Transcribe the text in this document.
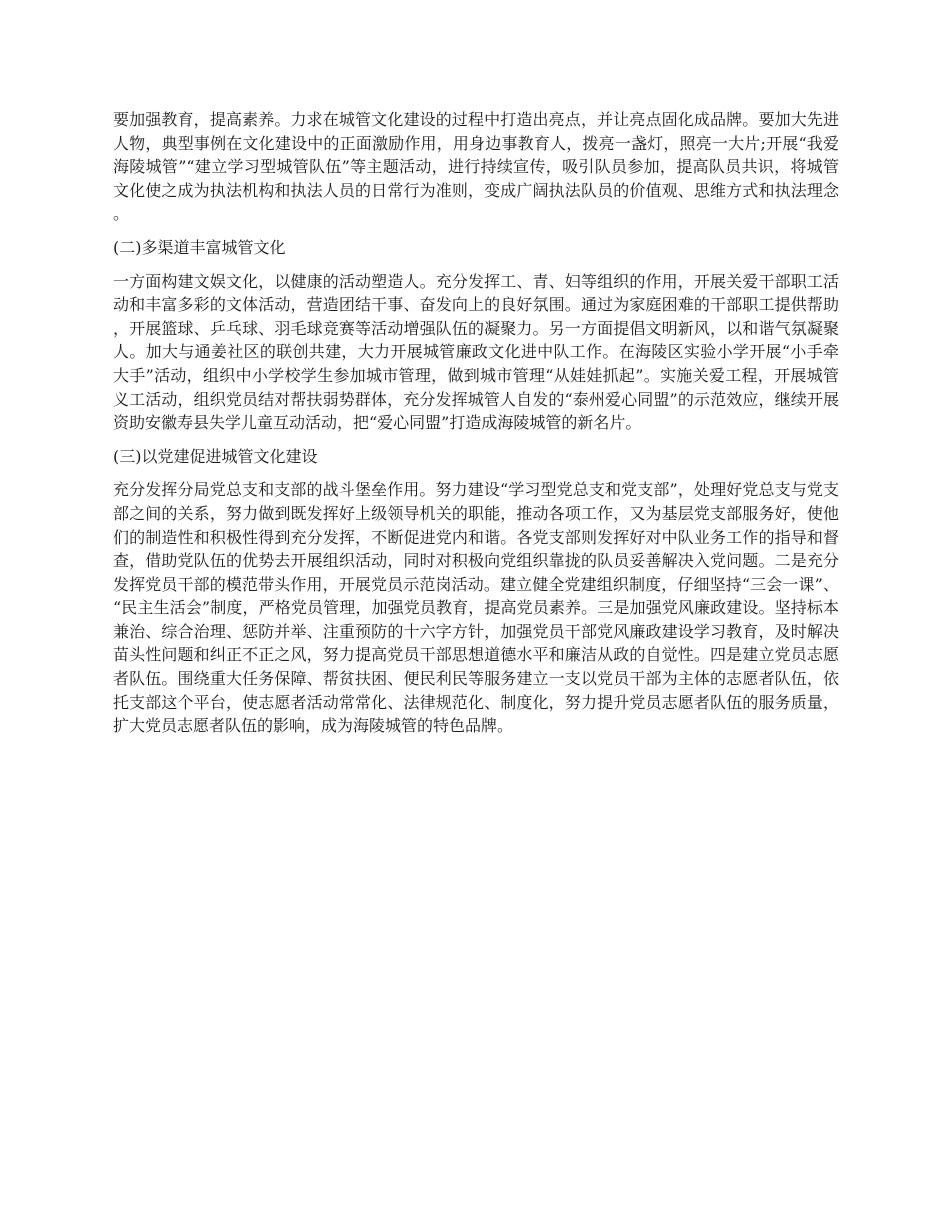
要加强教育，提高素养。力求在城管文化建设的过程中打造出亮点，并让亮点固化成品牌。要加大先进人物，典型事例在文化建设中的正面激励作用，用身边事教育人，拨亮一盏灯，照亮一大片;开展“我爱海陵城管”“建立学习型城管队伍”等主题活动，进行持续宣传，吸引队员参加，提高队员共识，将城管文化使之成为执法机构和执法人员的日常行为准则，变成广阔执法队员的价值观、思维方式和执法理念。

(二)多渠道丰富城管文化

一方面构建文娱文化，以健康的活动塑造人。充分发挥工、青、妇等组织的作用，开展关爱干部职工活动和丰富多彩的文体活动，营造团结干事、奋发向上的良好氛围。通过为家庭困难的干部职工提供帮助，开展篮球、乒乓球、羽毛球竞赛等活动增强队伍的凝聚力。另一方面提倡文明新风，以和谐气氛凝聚人。加大与通姜社区的联创共建，大力开展城管廉政文化进中队工作。在海陵区实验小学开展“小手牵大手”活动，组织中小学校学生参加城市管理，做到城市管理“从娃娃抓起”。实施关爱工程，开展城管义工活动，组织党员结对帮扶弱势群体，充分发挥城管人自发的“泰州爱心同盟”的示范效应，继续开展资助安徽寿县失学儿童互动活动，把“爱心同盟”打造成海陵城管的新名片。

(三)以党建促进城管文化建设

充分发挥分局党总支和支部的战斗堡垒作用。努力建设“学习型党总支和党支部”，处理好党总支与党支部之间的关系，努力做到既发挥好上级领导机关的职能，推动各项工作，又为基层党支部服务好，使他们的制造性和积极性得到充分发挥，不断促进党内和谐。各党支部则发挥好对中队业务工作的指导和督查，借助党队伍的优势去开展组织活动，同时对积极向党组织靠拢的队员妥善解决入党问题。二是充分发挥党员干部的模范带头作用，开展党员示范岗活动。建立健全党建组织制度，仔细坚持“三会一课”、“民主生活会”制度，严格党员管理，加强党员教育，提高党员素养。三是加强党风廉政建设。坚持标本兼治、综合治理、惩防并举、注重预防的十六字方针，加强党员干部党风廉政建设学习教育，及时解决苗头性问题和纠正不正之风，努力提高党员干部思想道德水平和廉洁从政的自觉性。四是建立党员志愿者队伍。围绕重大任务保障、帮贫扶困、便民利民等服务建立一支以党员干部为主体的志愿者队伍，依托支部这个平台，使志愿者活动常常化、法律规范化、制度化，努力提升党员志愿者队伍的服务质量，扩大党员志愿者队伍的影响，成为海陵城管的特色品牌。
